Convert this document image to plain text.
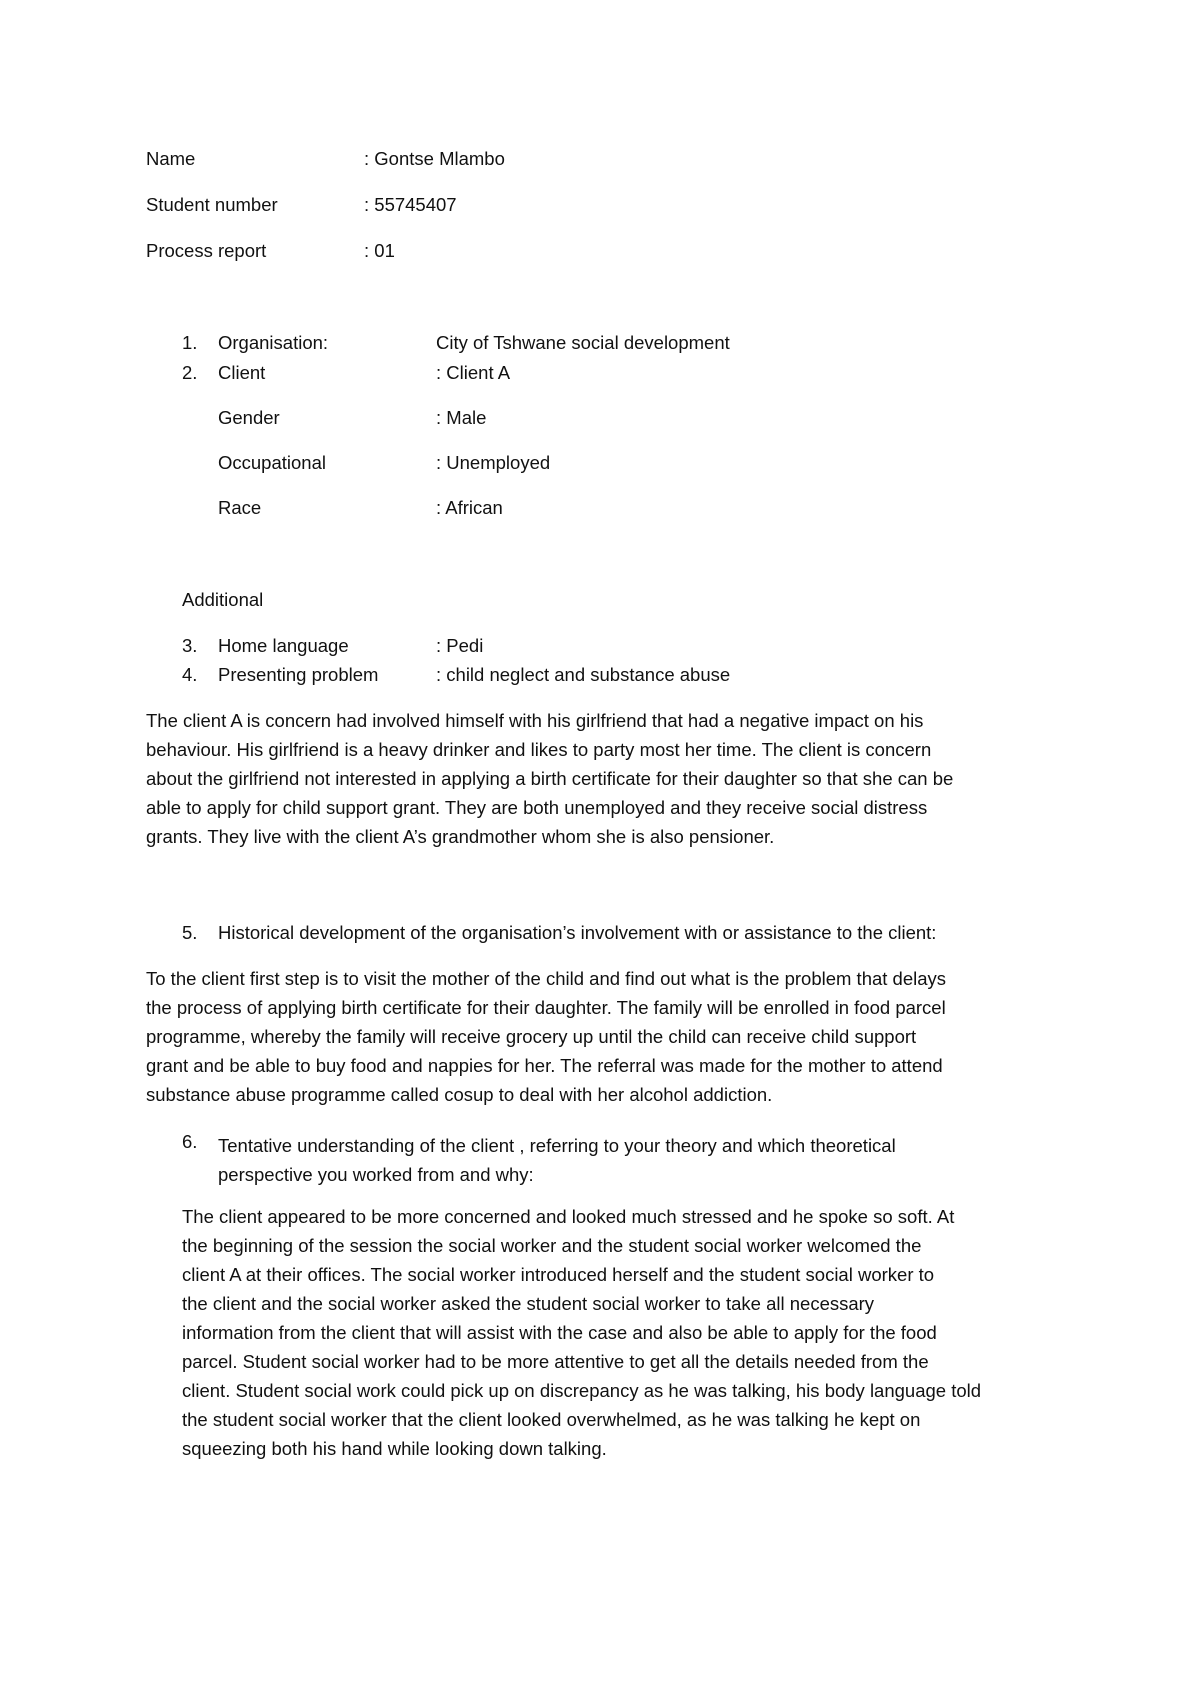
Name	: Gontse Mlambo
Student number	: 55745407
Process report	: 01
1. Organisation:	City of Tshwane social development
2. Client	: Client A
Gender	: Male
Occupational	: Unemployed
Race	: African
Additional
3. Home language	: Pedi
4. Presenting problem	: child neglect and substance abuse
The client A is concern had involved himself with his girlfriend that had a negative impact on his
behaviour. His girlfriend is a heavy drinker and likes to party most her time. The client is concern
about the girlfriend not interested in applying a birth certificate for their daughter so that she can be
able to apply for child support grant. They are both unemployed and they receive social distress
grants. They live with the client A’s grandmother whom she is also pensioner.
5. Historical development of the organisation’s involvement with or assistance to the client:
To the client first step is to visit the mother of the child and find out what is the problem that delays
the process of applying birth certificate for their daughter. The family will be enrolled in food parcel
programme, whereby the family will receive grocery up until the child can receive child support
grant and be able to buy food and nappies for her. The referral was made for the mother to attend
substance abuse programme called cosup to deal with her alcohol addiction.
6. Tentative understanding of the client , referring to your theory and which theoretical
perspective you worked from and why:
The client appeared to be more concerned and looked much stressed and he spoke so soft. At
the beginning of the session the social worker and the student social worker welcomed the
client A at their offices. The social worker introduced herself and the student social worker to
the client and the social worker asked the student social worker to take all necessary
information from the client that will assist with the case and also be able to apply for the food
parcel. Student social worker had to be more attentive to get all the details needed from the
client. Student social work could pick up on discrepancy as he was talking, his body language told
the student social worker that the client looked overwhelmed, as he was talking he kept on
squeezing both his hand while looking down talking.
